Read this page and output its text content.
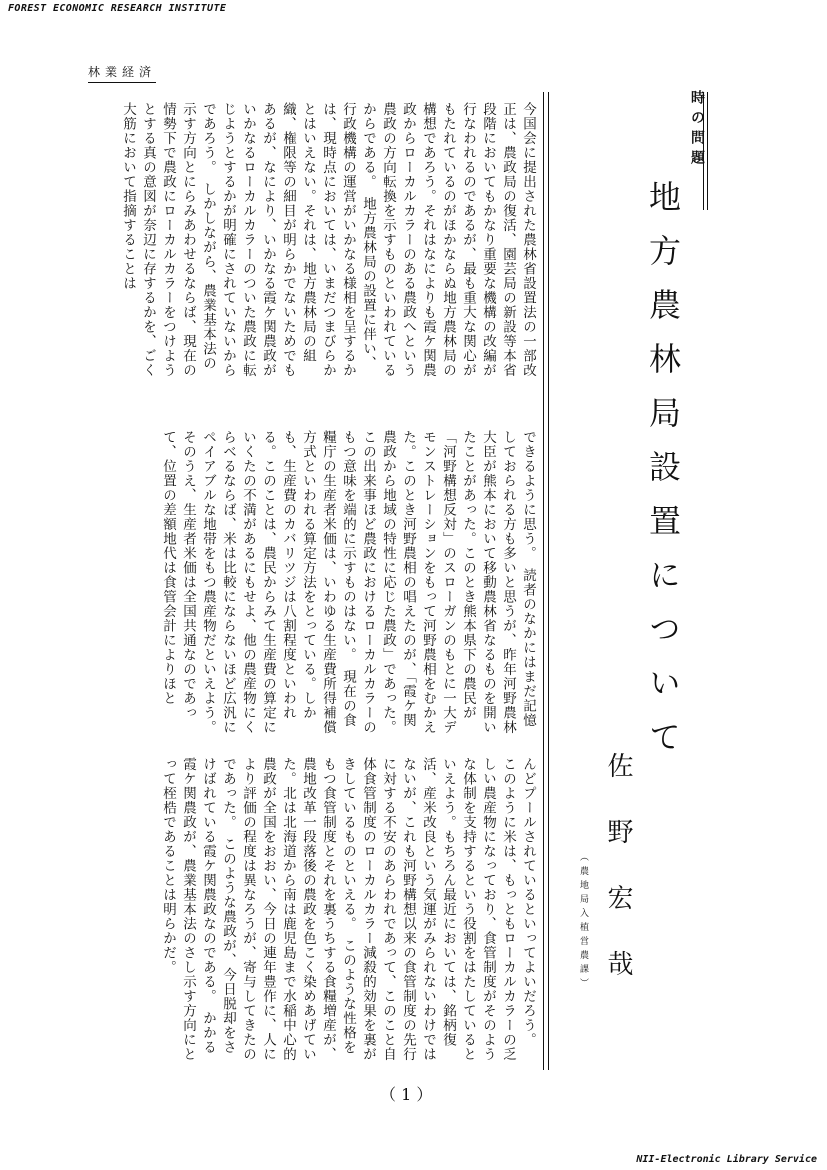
FOREST ECONOMIC RESEARCH INSTITUTE
林業経済
時の問題
地方農林局設置について
佐野宏哉
（農地局入植営農課）
今国会に提出された農林省設置法の一部改正は、農政局の復活、園芸局の新設等本省段階においてもかなり重要な機構の改編が行なわれるのであるが、最も重大な関心がもたれているのがほかならぬ地方農林局の構想であろう。それはなによりも霞ケ関農政からローカルカラーのある農政へという農政の方向転換を示すものといわれているからである。　地方農林局の設置に伴い、行政機構の運営がいかなる様相を呈するかは、現時点においては、いまだつまびらかとはいえない。それは、地方農林局の組織、権限等の細目が明らかでないためでもあるが、なにより、いかなる霞ケ関農政がいかなるローカルカラーのついた農政に転じようとするかが明確にされていないからであろう。　しかしながら、農業基本法の示す方向とにらみあわせるならば、現在の情勢下で農政にローカルカラーをつけようとする真の意図が奈辺に存するかを、ごく大筋において指摘することは
できるように思う。　読者のなかにはまだ記憶しておられる方も多いと思うが、昨年河野農林大臣が熊本において移動農林省なるものを開いたことがあった。このとき熊本県下の農民が「河野構想反対」のスローガンのもとに一大デモンストレーションをもって河野農相をむかえた。このとき河野農相の唱えたのが、「霞ケ関農政から地域の特性に応じた農政」であった。この出来事ほど農政におけるローカルカラーのもつ意味を端的に示すものはない。　現在の食糧庁の生産者米価は、いわゆる生産費所得補償方式といわれる算定方法をとっている。しかも、生産費のカバリツジは八割程度といわれる。このことは、農民からみて生産費の算定にいくたの不満があるにもせよ、他の農産物にくらべるならば、米は比較にならないほど広汎にペイアブルな地帯をもつ農産物だといえよう。そのうえ、生産者米価は全国共通なのであって、位置の差額地代は食管会計によりほと
んどプールされているといってよいだろう。　このように米は、もっともローカルカラーの乏しい農産物になっており、食管制度がそのような体制を支持するという役割をはたしているといえよう。もちろん最近においては、銘柄復活、産米改良という気運がみられないわけではないが、これも河野構想以来の食管制度の先行に対する不安のあらわれであって、このこと自体食管制度のローカルカラー減殺的効果を裏がきしているものといえる。　このような性格をもつ食管制度とそれを裏うちする食糧増産が、農地改革一段落後の農政を色こく染めあげていた。北は北海道から南は鹿児島まで水稲中心的農政が全国をおおい、今日の連年豊作に、人により評価の程度は異なろうが、寄与してきたのであった。　このような農政が、今日脱却をさけばれている霞ケ関農政なのである。　かかる霞ケ関農政が、農業基本法のさし示す方向にとって桎梏であることは明らかだ。
（ 1 ）
NII-Electronic Library Service
